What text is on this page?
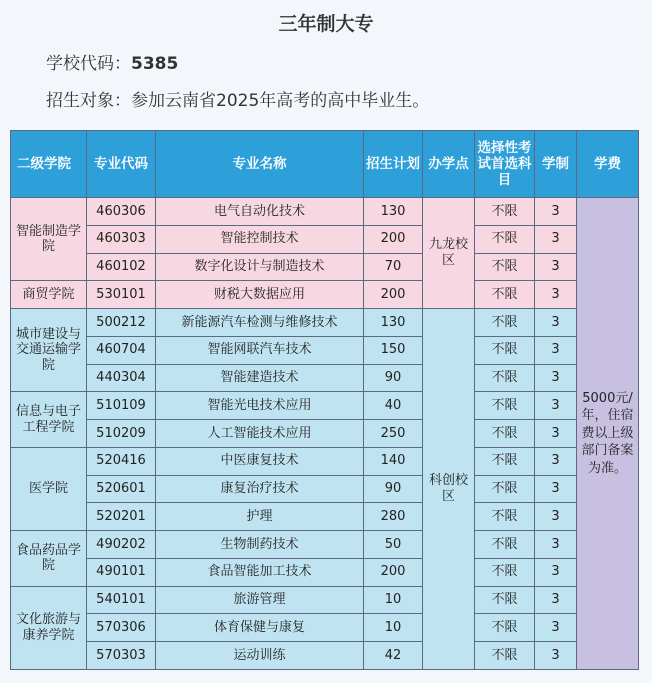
三年制大专
学校代码：5385
招生对象：参加云南省2025年高考的高中毕业生。
二级学院	专业代码	专业名称	招生计划	办学点	选择性考试首选科目	学制	学费
智能制造学院	460306	电气自动化技术	130	九龙校区	不限	3	5000元/年，住宿费以上级部门备案为准。
	460303	智能控制技术	200		不限	3	
	460102	数字化设计与制造技术	70		不限	3	
商贸学院	530101	财税大数据应用	200		不限	3	
城市建设与交通运输学院	500212	新能源汽车检测与维修技术	130	科创校区	不限	3	
	460704	智能网联汽车技术	150		不限	3	
	440304	智能建造技术	90		不限	3	
信息与电子工程学院	510109	智能光电技术应用	40		不限	3	
	510209	人工智能技术应用	250		不限	3	
医学院	520416	中医康复技术	140		不限	3	
	520601	康复治疗技术	90		不限	3	
	520201	护理	280		不限	3	
食品药品学院	490202	生物制药技术	50		不限	3	
	490101	食品智能加工技术	200		不限	3	
文化旅游与康养学院	540101	旅游管理	10		不限	3	
	570306	体育保健与康复	10		不限	3	
	570303	运动训练	42		不限	3	
